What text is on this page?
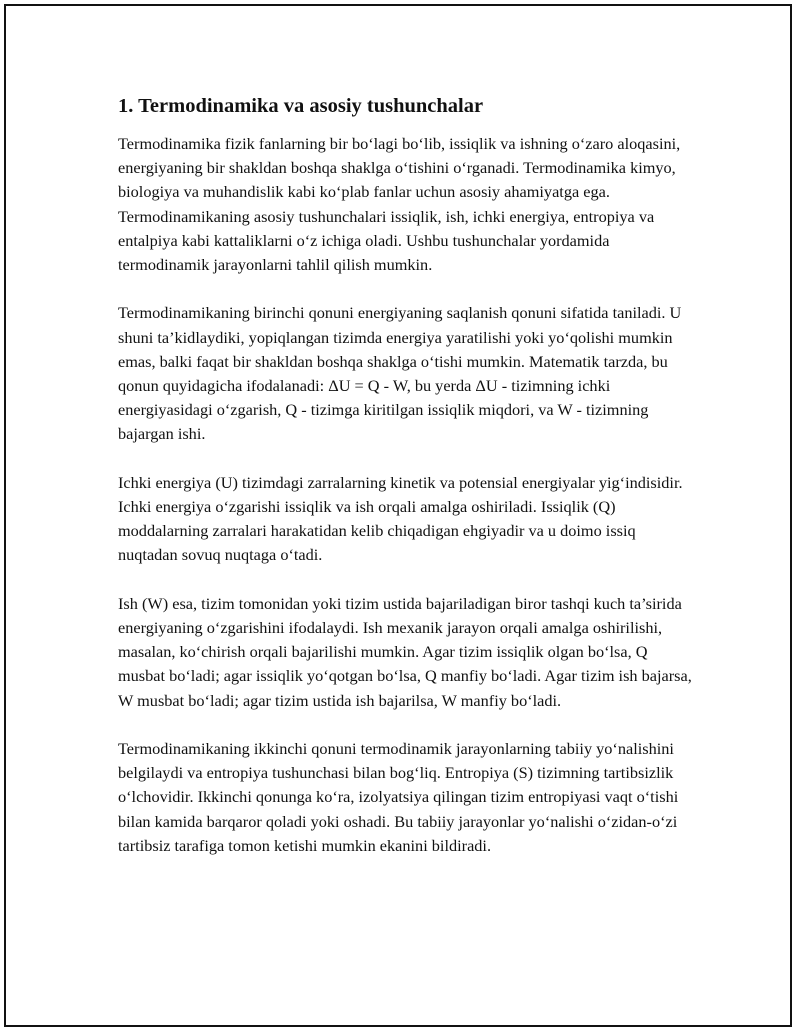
1. Termodinamika va asosiy tushunchalar

Termodinamika fizik fanlarning bir bo‘lagi bo‘lib, issiqlik va ishning o‘zaro aloqasini, energiyaning bir shakldan boshqa shaklga o‘tishini o‘rganadi. Termodinamika kimyo, biologiya va muhandislik kabi ko‘plab fanlar uchun asosiy ahamiyatga ega. Termodinamikaning asosiy tushunchalari issiqlik, ish, ichki energiya, entropiya va entalpiya kabi kattaliklarni o‘z ichiga oladi. Ushbu tushunchalar yordamida termodinamik jarayonlarni tahlil qilish mumkin.

Termodinamikaning birinchi qonuni energiyaning saqlanish qonuni sifatida taniladi. U shuni ta’kidlaydiki, yopiqlangan tizimda energiya yaratilishi yoki yo‘qolishi mumkin emas, balki faqat bir shakldan boshqa shaklga o‘tishi mumkin. Matematik tarzda, bu qonun quyidagicha ifodalanadi: ΔU = Q - W, bu yerda ΔU - tizimning ichki energiyasidagi o‘zgarish, Q - tizimga kiritilgan issiqlik miqdori, va W - tizimning bajargan ishi.

Ichki energiya (U) tizimdagi zarralarning kinetik va potensial energiyalar yig‘indisidir. Ichki energiya o‘zgarishi issiqlik va ish orqali amalga oshiriladi. Issiqlik (Q) moddalarning zarralari harakatidan kelib chiqadigan ehgiyadir va u doimo issiq nuqtadan sovuq nuqtaga o‘tadi.

Ish (W) esa, tizim tomonidan yoki tizim ustida bajariladigan biror tashqi kuch ta’sirida energiyaning o‘zgarishini ifodalaydi. Ish mexanik jarayon orqali amalga oshirilishi, masalan, ko‘chirish orqali bajarilishi mumkin. Agar tizim issiqlik olgan bo‘lsa, Q musbat bo‘ladi; agar issiqlik yo‘qotgan bo‘lsa, Q manfiy bo‘ladi. Agar tizim ish bajarsa, W musbat bo‘ladi; agar tizim ustida ish bajarilsa, W manfiy bo‘ladi.

Termodinamikaning ikkinchi qonuni termodinamik jarayonlarning tabiiy yo‘nalishini belgilaydi va entropiya tushunchasi bilan bog‘liq. Entropiya (S) tizimning tartibsizlik o‘lchovidir. Ikkinchi qonunga ko‘ra, izolyatsiya qilingan tizim entropiyasi vaqt o‘tishi bilan kamida barqaror qoladi yoki oshadi. Bu tabiiy jarayonlar yo‘nalishi o‘zidan-o‘zi tartibsiz tarafiga tomon ketishi mumkin ekanini bildiradi.
